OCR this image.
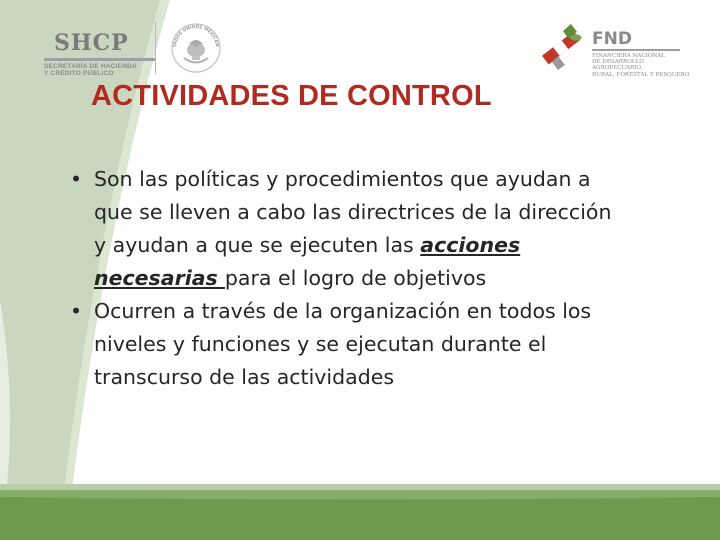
SHCP
SECRETARÍA DE HACIENDA
Y CRÉDITO PÚBLICO
TADOS UNIDOS MEXICAN	FND
FINANCIERA NACIONAL
DE DESARROLLO AGROPECUARIO,
RURAL, FORESTAL Y PESQUERO
ACTIVIDADES DE CONTROL
• Son las políticas y procedimientos que ayudan a que se lleven a cabo las directrices de la dirección y ayudan a que se ejecuten las acciones necesarias para el logro de objetivos
• Ocurren a través de la organización en todos los niveles y funciones y se ejecutan durante el transcurso de las actividades
